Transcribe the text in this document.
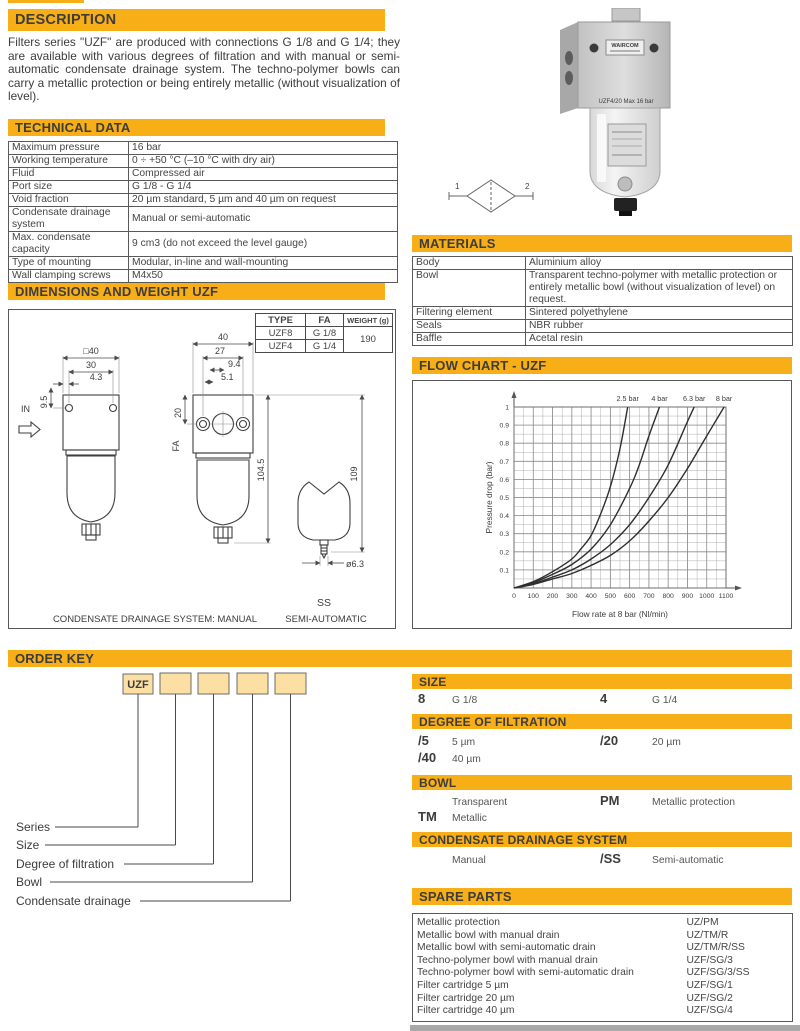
DESCRIPTION
Filters series "UZF" are produced with connections G 1/8 and G 1/4; they are available with various degrees of filtration and with manual or semi-automatic condensate drainage system. The techno-polymer bowls can carry a metallic protection or being entirely metallic (without visualization of level).
TECHNICAL DATA
Maximum pressure	16 bar
Working temperature	0 ÷ +50 °C (–10 °C with dry air)
Fluid	Compressed air
Port size	G 1/8 - G 1/4
Void fraction	20 µm standard, 5 µm and 40 µm on request
Condensate drainage system	Manual or semi-automatic
Max. condensate capacity	9 cm3 (do not exceed the level gauge)
Type of mounting	Modular, in-line and wall-mounting
Wall clamping screws	M4x50
DIMENSIONS AND WEIGHT UZF
IN
□40
30
4.3
9.5
40
27
9.4
5.1
20
FA
104.5
ø6.3
109
SS
CONDENSATE DRAINAGE SYSTEM: MANUAL	SEMI-AUTOMATIC
TYPE	FA	WEIGHT (g)
UZF8	G 1/8	190
UZF4	G 1/4	
WAIRCOM
UZF4/20 Max 16 bar
1	2
MATERIALS
Body	Aluminium alloy
Bowl	Transparent techno-polymer with metallic protection or entirely metallic bowl (without visualization of level) on request.
Filtering element	Sintered polyethylene
Seals	NBR rubber
Baffle	Acetal resin
FLOW CHART - UZF
0 100 200 300 400 500 600 700 800 900 1000 1100
0.1
0.2
0.3
0.4
0.5
0.6
0.7
0.8
0.9
1
2.5 bar 4 bar 6.3 bar 8 bar
Pressure drop (bar)
Flow rate at 8 bar (Nl/min)
ORDER KEY
UZF
Series
Size
Degree of filtration
Bowl
Condensate drainage
SIZE
8	G 1/8	4	G 1/4
DEGREE OF FILTRATION
/5	5 µm	/20	20 µm
/40	40 µm
BOWL
Transparent	PM	Metallic protection
TM	Metallic
CONDENSATE DRAINAGE SYSTEM
Manual	/SS	Semi-automatic
SPARE PARTS
Metallic protection	UZ/PM
Metallic bowl with manual drain	UZ/TM/R
Metallic bowl with semi-automatic drain	UZ/TM/R/SS
Techno-polymer bowl with manual drain	UZF/SG/3
Techno-polymer bowl with semi-automatic drain	UZF/SG/3/SS
Filter cartridge 5 µm	UZF/SG/1
Filter cartridge 20 µm	UZF/SG/2
Filter cartridge 40 µm	UZF/SG/4
